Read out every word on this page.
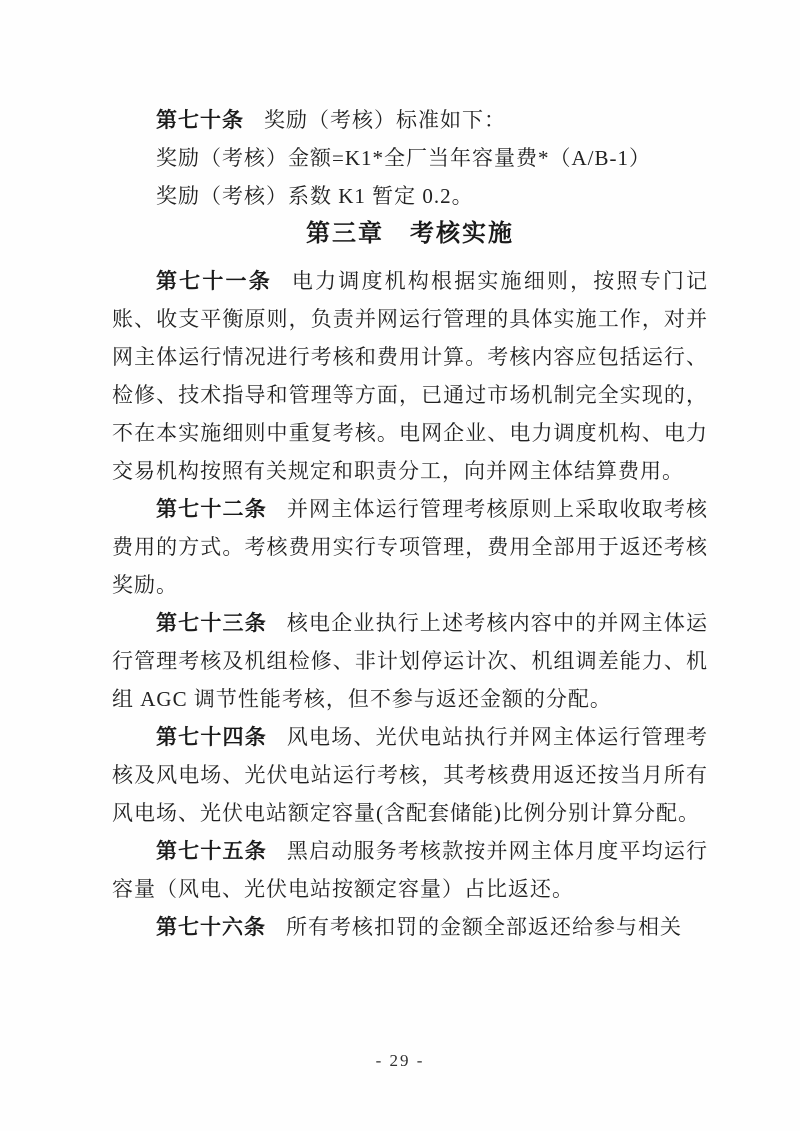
第七十条 奖励（考核）标准如下：

奖励（考核）金额=K1*全厂当年容量费*（A/B-1）

奖励（考核）系数 K1 暂定 0.2。

第三章 考核实施

第七十一条 电力调度机构根据实施细则，按照专门记账、收支平衡原则，负责并网运行管理的具体实施工作，对并网主体运行情况进行考核和费用计算。考核内容应包括运行、检修、技术指导和管理等方面，已通过市场机制完全实现的，不在本实施细则中重复考核。电网企业、电力调度机构、电力交易机构按照有关规定和职责分工，向并网主体结算费用。

第七十二条 并网主体运行管理考核原则上采取收取考核费用的方式。考核费用实行专项管理，费用全部用于返还考核奖励。

第七十三条 核电企业执行上述考核内容中的并网主体运行管理考核及机组检修、非计划停运计次、机组调差能力、机组 AGC 调节性能考核，但不参与返还金额的分配。

第七十四条 风电场、光伏电站执行并网主体运行管理考核及风电场、光伏电站运行考核，其考核费用返还按当月所有风电场、光伏电站额定容量(含配套储能)比例分别计算分配。

第七十五条 黑启动服务考核款按并网主体月度平均运行容量（风电、光伏电站按额定容量）占比返还。

第七十六条 所有考核扣罚的金额全部返还给参与相关

- 29 -
